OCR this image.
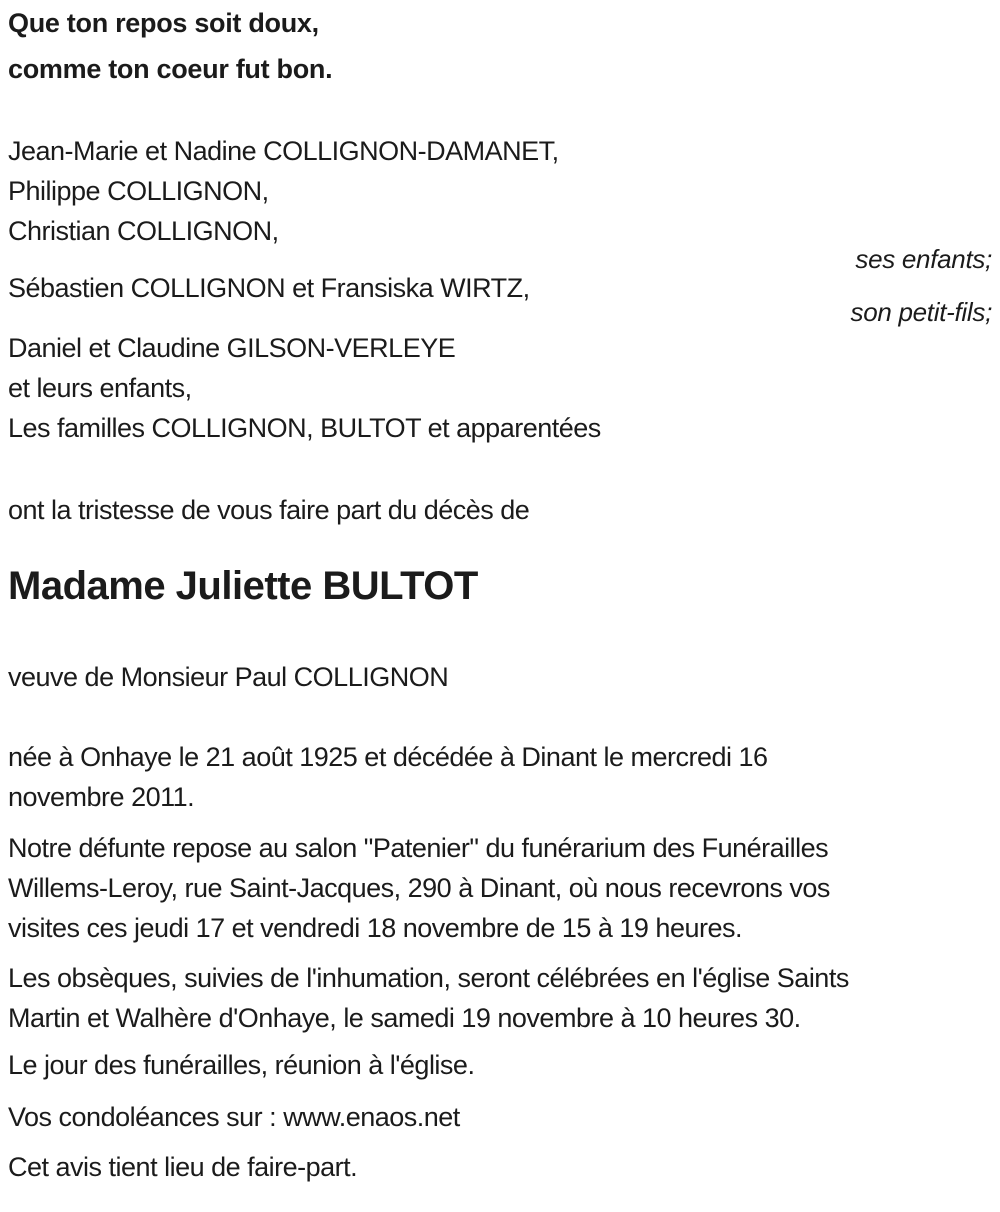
Que ton repos soit doux,
comme ton coeur fut bon.
Jean-Marie et Nadine COLLIGNON-DAMANET,
Philippe COLLIGNON,
Christian COLLIGNON,
ses enfants;
Sébastien COLLIGNON et Fransiska WIRTZ,
son petit-fils;
Daniel et Claudine GILSON-VERLEYE
et leurs enfants,
Les familles COLLIGNON, BULTOT et apparentées
ont la tristesse de vous faire part du décès de
Madame Juliette BULTOT
veuve de Monsieur Paul COLLIGNON
née à Onhaye le 21 août 1925 et décédée à Dinant le mercredi 16
novembre 2011.
Notre défunte repose au salon "Patenier" du funérarium des Funérailles
Willems-Leroy, rue Saint-Jacques, 290 à Dinant, où nous recevrons vos
visites ces jeudi 17 et vendredi 18 novembre de 15 à 19 heures.
Les obsèques, suivies de l'inhumation, seront célébrées en l'église Saints
Martin et Walhère d'Onhaye, le samedi 19 novembre à 10 heures 30.
Le jour des funérailles, réunion à l'église.
Vos condoléances sur : www.enaos.net
Cet avis tient lieu de faire-part.
